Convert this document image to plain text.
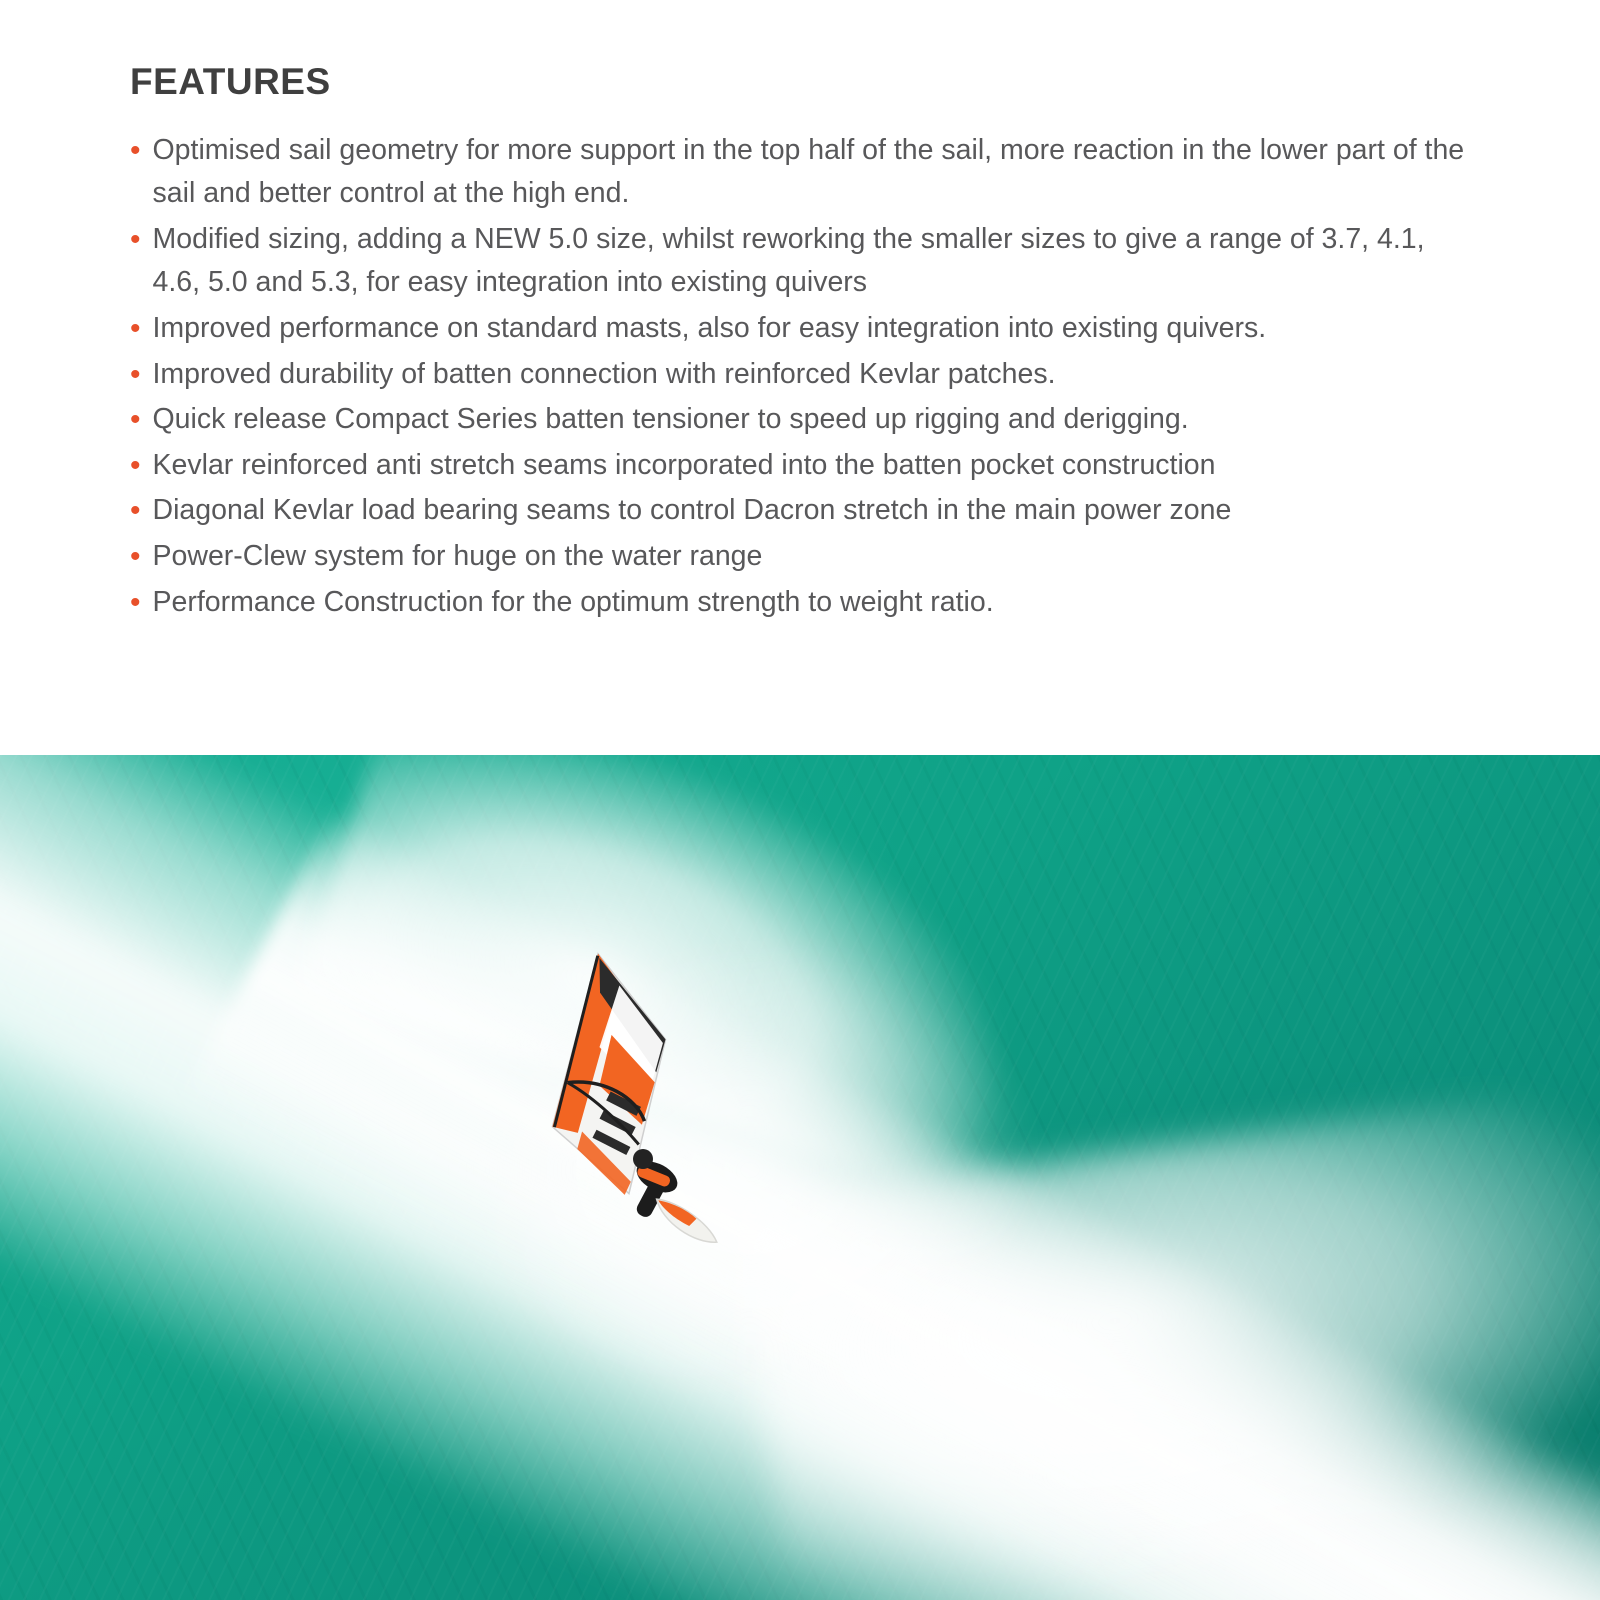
FEATURES
• Optimised sail geometry for more support in the top half of the sail, more reaction in the lower part of the sail and better control at the high end.
• Modified sizing, adding a NEW 5.0 size, whilst reworking the smaller sizes to give a range of 3.7, 4.1, 4.6, 5.0 and 5.3, for easy integration into existing quivers
• Improved performance on standard masts, also for easy integration into existing quivers.
• Improved durability of batten connection with reinforced Kevlar patches.
• Quick release Compact Series batten tensioner to speed up rigging and derigging.
• Kevlar reinforced anti stretch seams incorporated into the batten pocket construction
• Diagonal Kevlar load bearing seams to control Dacron stretch in the main power zone
• Power-Clew system for huge on the water range
• Performance Construction for the optimum strength to weight ratio.
